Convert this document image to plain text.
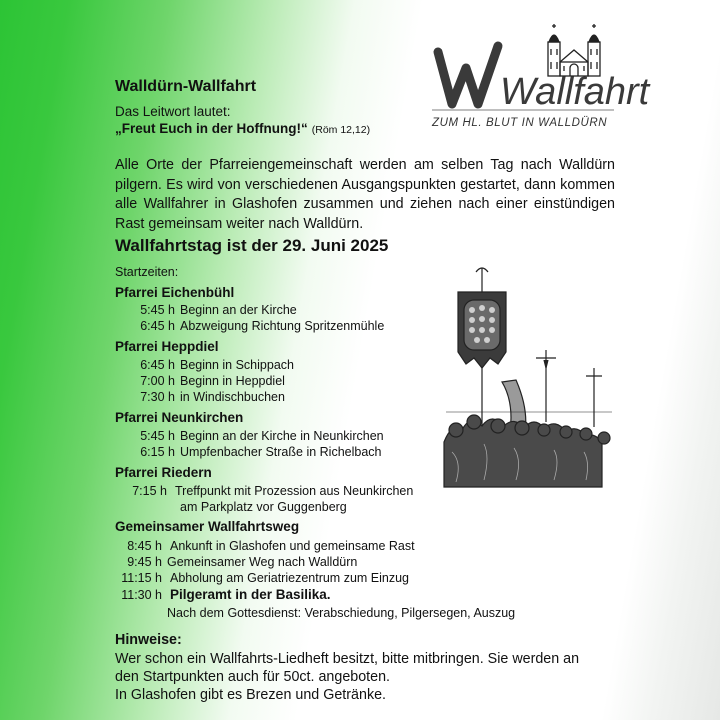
Walldürn-Wallfahrt
Das Leitwort lautet:
„Freut Euch in der Hoffnung!“ (Röm 12,12)
Wallfahrt
ZUM HL. BLUT IN WALLDÜRN

Alle Orte der Pfarreiengemeinschaft werden am selben Tag nach Walldürn pilgern. Es wird von verschiedenen Ausgangspunkten gestartet, dann kommen alle Wallfahrer in Glashofen zusammen und ziehen nach einer einstündigen Rast gemeinsam weiter nach Walldürn.

Wallfahrtstag ist der 29. Juni 2025
Startzeiten:
Pfarrei Eichenbühl
5:45 h Beginn an der Kirche
6:45 h Abzweigung Richtung Spritzenmühle
Pfarrei Heppdiel
6:45 h Beginn in Schippach
7:00 h Beginn in Heppdiel
7:30 h in Windischbuchen
Pfarrei Neunkirchen
5:45 h Beginn an der Kirche in Neunkirchen
6:15 h Umpfenbacher Straße in Richelbach
Pfarrei Riedern
7:15 h Treffpunkt mit Prozession aus Neunkirchen
am Parkplatz vor Guggenberg
Gemeinsamer Wallfahrtsweg
8:45 h Ankunft in Glashofen und gemeinsame Rast
9:45 h Gemeinsamer Weg nach Walldürn
11:15 h Abholung am Geriatriezentrum zum Einzug
11:30 h Pilgeramt in der Basilika.
Nach dem Gottesdienst: Verabschiedung, Pilgersegen, Auszug
Hinweise:
Wer schon ein Wallfahrts-Liedheft besitzt, bitte mitbringen. Sie werden an
den Startpunkten auch für 50ct. angeboten.
In Glashofen gibt es Brezen und Getränke.
